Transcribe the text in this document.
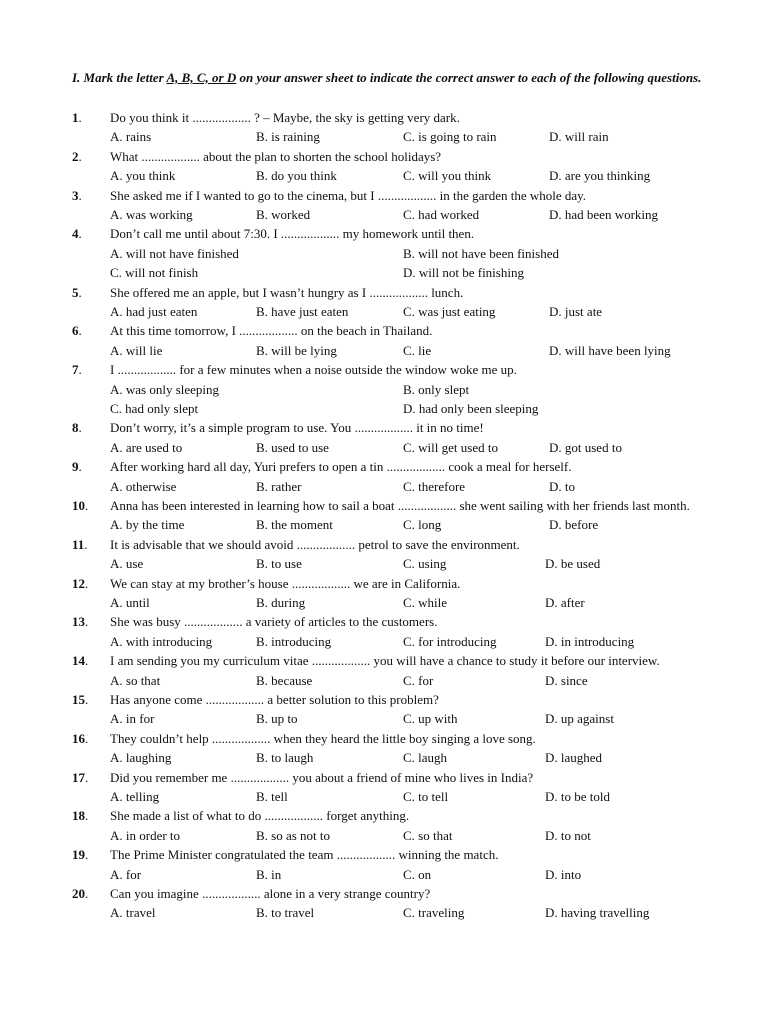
I. Mark the letter A, B, C, or D on your answer sheet to indicate the correct answer to each of the following questions.
1. Do you think it .................. ? – Maybe, the sky is getting very dark.
A. rains	B. is raining	C. is going to rain	D. will rain
2. What .................. about the plan to shorten the school holidays?
A. you think	B. do you think	C. will you think	D. are you thinking
3. She asked me if I wanted to go to the cinema, but I .................. in the garden the whole day.
A. was working	B. worked	C. had worked	D. had been working
4. Don’t call me until about 7:30. I .................. my homework until then.
A. will not have finished	B. will not have been finished
C. will not finish	D. will not be finishing
5. She offered me an apple, but I wasn’t hungry as I .................. lunch.
A. had just eaten	B. have just eaten	C. was just eating	D. just ate
6. At this time tomorrow, I .................. on the beach in Thailand.
A. will lie	B. will be lying	C. lie	D. will have been lying
7. I .................. for a few minutes when a noise outside the window woke me up.
A. was only sleeping	B. only slept
C. had only slept	D. had only been sleeping
8. Don’t worry, it’s a simple program to use. You .................. it in no time!
A. are used to	B. used to use	C. will get used to	D. got used to
9. After working hard all day, Yuri prefers to open a tin .................. cook a meal for herself.
A. otherwise	B. rather	C. therefore	D. to
10. Anna has been interested in learning how to sail a boat .................. she went sailing with her friends last month.
A. by the time	B. the moment	C. long	D. before
11. It is advisable that we should avoid .................. petrol to save the environment.
A. use	B. to use	C. using	D. be used
12. We can stay at my brother’s house .................. we are in California.
A. until	B. during	C. while	D. after
13. She was busy .................. a variety of articles to the customers.
A. with introducing	B. introducing	C. for introducing	D. in introducing
14. I am sending you my curriculum vitae .................. you will have a chance to study it before our interview.
A. so that	B. because	C. for	D. since
15. Has anyone come .................. a better solution to this problem?
A. in for	B. up to	C. up with	D. up against
16. They couldn’t help .................. when they heard the little boy singing a love song.
A. laughing	B. to laugh	C. laugh	D. laughed
17. Did you remember me .................. you about a friend of mine who lives in India?
A. telling	B. tell	C. to tell	D. to be told
18. She made a list of what to do .................. forget anything.
A. in order to	B. so as not to	C. so that	D. to not
19. The Prime Minister congratulated the team .................. winning the match.
A. for	B. in	C. on	D. into
20. Can you imagine .................. alone in a very strange country?
A. travel	B. to travel	C. traveling	D. having travelling
